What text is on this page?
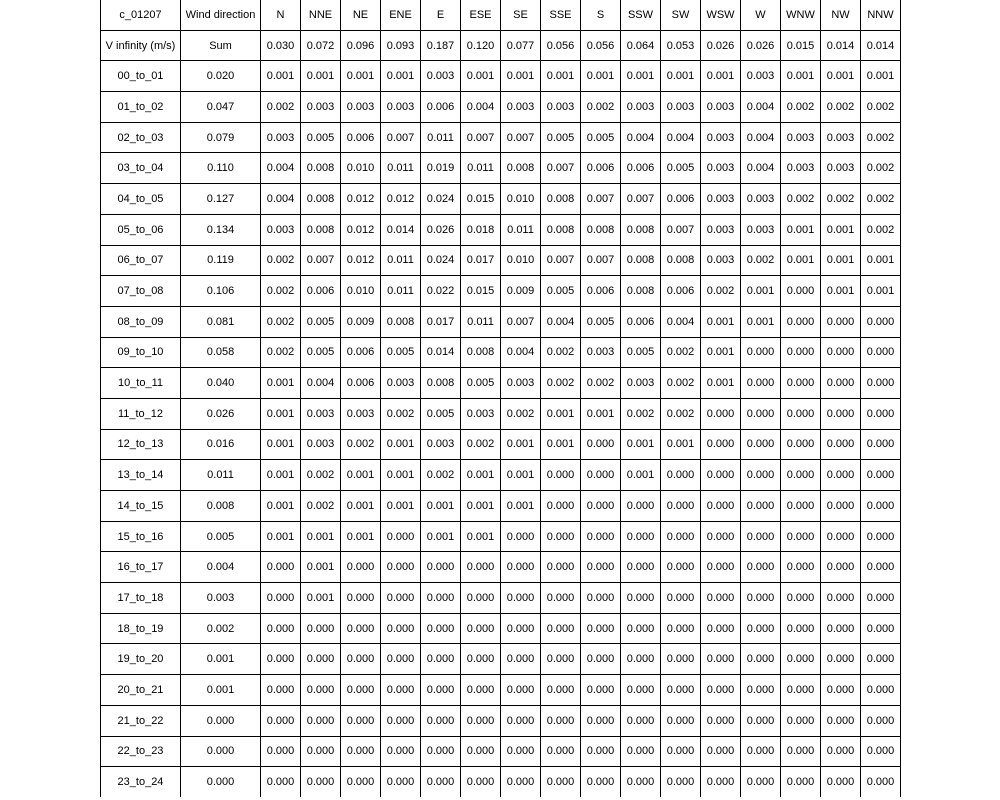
c_01207	Wind direction	N	NNE	NE	ENE	E	ESE	SE	SSE	S	SSW	SW	WSW	W	WNW	NW	NNW
V infinity (m/s)	Sum	0.030	0.072	0.096	0.093	0.187	0.120	0.077	0.056	0.056	0.064	0.053	0.026	0.026	0.015	0.014	0.014
00_to_01	0.020	0.001	0.001	0.001	0.001	0.003	0.001	0.001	0.001	0.001	0.001	0.001	0.001	0.003	0.001	0.001	0.001
01_to_02	0.047	0.002	0.003	0.003	0.003	0.006	0.004	0.003	0.003	0.002	0.003	0.003	0.003	0.004	0.002	0.002	0.002
02_to_03	0.079	0.003	0.005	0.006	0.007	0.011	0.007	0.007	0.005	0.005	0.004	0.004	0.003	0.004	0.003	0.003	0.002
03_to_04	0.110	0.004	0.008	0.010	0.011	0.019	0.011	0.008	0.007	0.006	0.006	0.005	0.003	0.004	0.003	0.003	0.002
04_to_05	0.127	0.004	0.008	0.012	0.012	0.024	0.015	0.010	0.008	0.007	0.007	0.006	0.003	0.003	0.002	0.002	0.002
05_to_06	0.134	0.003	0.008	0.012	0.014	0.026	0.018	0.011	0.008	0.008	0.008	0.007	0.003	0.003	0.001	0.001	0.002
06_to_07	0.119	0.002	0.007	0.012	0.011	0.024	0.017	0.010	0.007	0.007	0.008	0.008	0.003	0.002	0.001	0.001	0.001
07_to_08	0.106	0.002	0.006	0.010	0.011	0.022	0.015	0.009	0.005	0.006	0.008	0.006	0.002	0.001	0.000	0.001	0.001
08_to_09	0.081	0.002	0.005	0.009	0.008	0.017	0.011	0.007	0.004	0.005	0.006	0.004	0.001	0.001	0.000	0.000	0.000
09_to_10	0.058	0.002	0.005	0.006	0.005	0.014	0.008	0.004	0.002	0.003	0.005	0.002	0.001	0.000	0.000	0.000	0.000
10_to_11	0.040	0.001	0.004	0.006	0.003	0.008	0.005	0.003	0.002	0.002	0.003	0.002	0.001	0.000	0.000	0.000	0.000
11_to_12	0.026	0.001	0.003	0.003	0.002	0.005	0.003	0.002	0.001	0.001	0.002	0.002	0.000	0.000	0.000	0.000	0.000
12_to_13	0.016	0.001	0.003	0.002	0.001	0.003	0.002	0.001	0.001	0.000	0.001	0.001	0.000	0.000	0.000	0.000	0.000
13_to_14	0.011	0.001	0.002	0.001	0.001	0.002	0.001	0.001	0.000	0.000	0.001	0.000	0.000	0.000	0.000	0.000	0.000
14_to_15	0.008	0.001	0.002	0.001	0.001	0.001	0.001	0.001	0.000	0.000	0.000	0.000	0.000	0.000	0.000	0.000	0.000
15_to_16	0.005	0.001	0.001	0.001	0.000	0.001	0.001	0.000	0.000	0.000	0.000	0.000	0.000	0.000	0.000	0.000	0.000
16_to_17	0.004	0.000	0.001	0.000	0.000	0.000	0.000	0.000	0.000	0.000	0.000	0.000	0.000	0.000	0.000	0.000	0.000
17_to_18	0.003	0.000	0.001	0.000	0.000	0.000	0.000	0.000	0.000	0.000	0.000	0.000	0.000	0.000	0.000	0.000	0.000
18_to_19	0.002	0.000	0.000	0.000	0.000	0.000	0.000	0.000	0.000	0.000	0.000	0.000	0.000	0.000	0.000	0.000	0.000
19_to_20	0.001	0.000	0.000	0.000	0.000	0.000	0.000	0.000	0.000	0.000	0.000	0.000	0.000	0.000	0.000	0.000	0.000
20_to_21	0.001	0.000	0.000	0.000	0.000	0.000	0.000	0.000	0.000	0.000	0.000	0.000	0.000	0.000	0.000	0.000	0.000
21_to_22	0.000	0.000	0.000	0.000	0.000	0.000	0.000	0.000	0.000	0.000	0.000	0.000	0.000	0.000	0.000	0.000	0.000
22_to_23	0.000	0.000	0.000	0.000	0.000	0.000	0.000	0.000	0.000	0.000	0.000	0.000	0.000	0.000	0.000	0.000	0.000
23_to_24	0.000	0.000	0.000	0.000	0.000	0.000	0.000	0.000	0.000	0.000	0.000	0.000	0.000	0.000	0.000	0.000	0.000
